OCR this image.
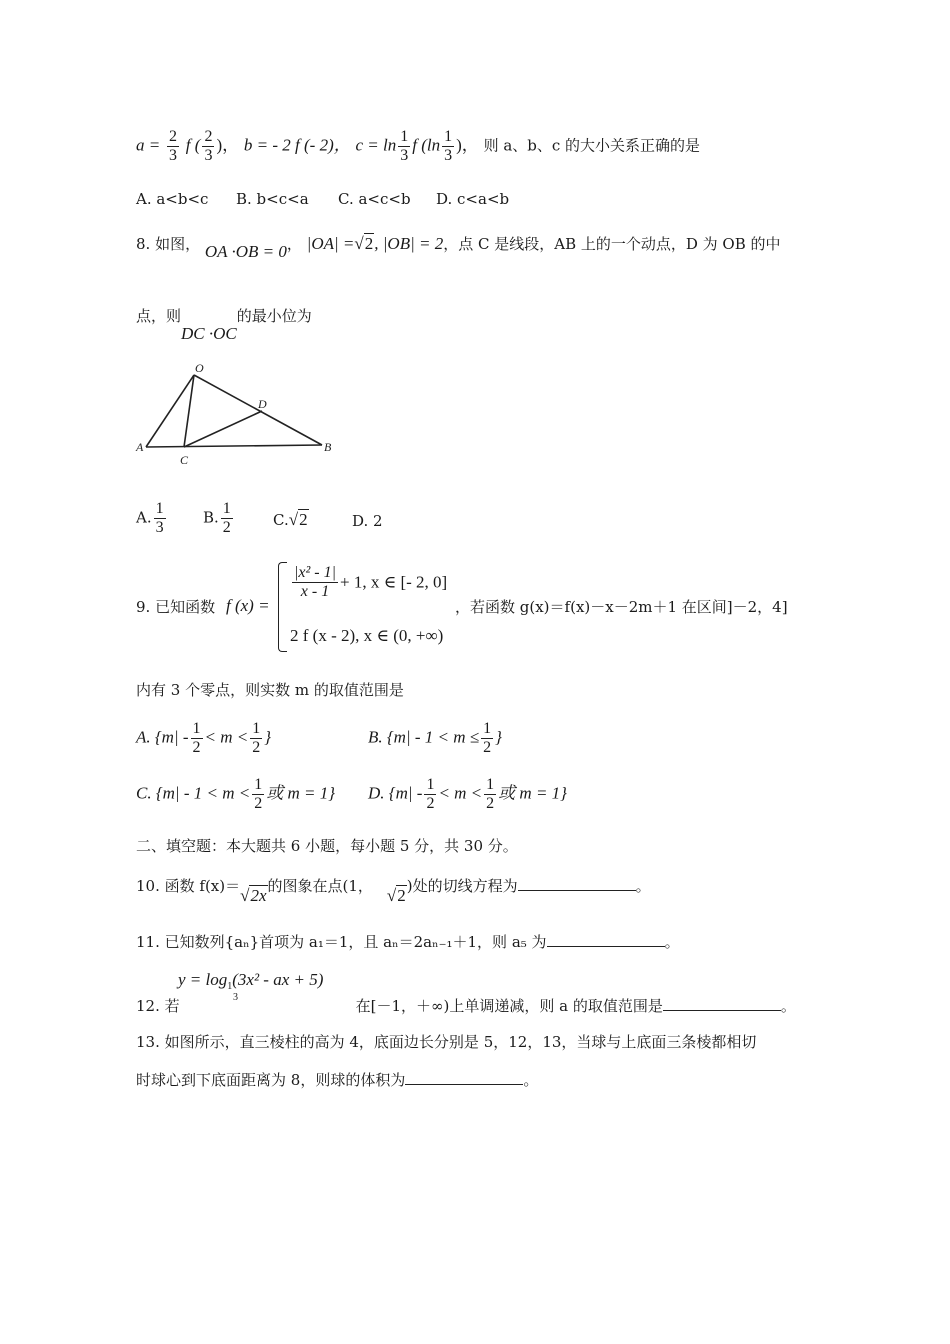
$a = \frac{2}{3}$ f ( $\frac{2}{3}$ )， b = - 2 f (- 2)， $c = \ln \frac{1}{3}$ f ($\ln \frac{1}{3}$ )， 则 a、b、c 的大小关系正确的是
A. a<b<c B. b<c<a C. a<c<b D. c<a<b
8. 如图， OA ·OB = 0， |OA| =√2, |OB| = 2，点 C 是线段，AB 上的一个动点，D 为 OB 的中
点，则DC ·OC的最小位为
O
D
A
C
B
A. $\frac{1}{3} B$. $\frac{1}{2}$	C.√2	D. 2
9. 已知函数 f (x) =
$\frac{\text{|x² - 1|}}{x - 1} + 1$, x ∈ [- 2, 0]
2 f (x - 2), x ∈ (0, +∞)
，若函数 g(x)＝f(x)－x－2m＋1 在区间]－2，4]
内有 3 个零点，则实数 m 的取值范围是
A. {$m| - \frac{1}{2} < m < \frac{1}{2}$ }	B. {$m| - 1 < m \le \frac{1}{2}$ }
C. {$m| - 1 < m < \frac{1}{2}$ 或 m = 1} D. {$m| - \frac{1}{2} < m < \frac{1}{2}$ 或 m = 1}
二、填空题：本大题共 6 小题，每小题 5 分，共 30 分。
10. 函数 f(x)＝√2x的图象在点(1， √2)处的切线方程为	。
11. 已知数列{aₙ}首项为 a₁＝1，且 aₙ＝2aₙ₋₁＋1，则 a₅ 为	。
$y = \log_1(3x^2$ - ax + 5)
3
12. 若	在[－1，＋∞)上单调递减，则 a 的取值范围是	。
13. 如图所示，直三棱柱的高为 4，底面边长分别是 5，12，13，当球与上底面三条棱都相切
时球心到下底面距离为 8，则球的体积为	。
